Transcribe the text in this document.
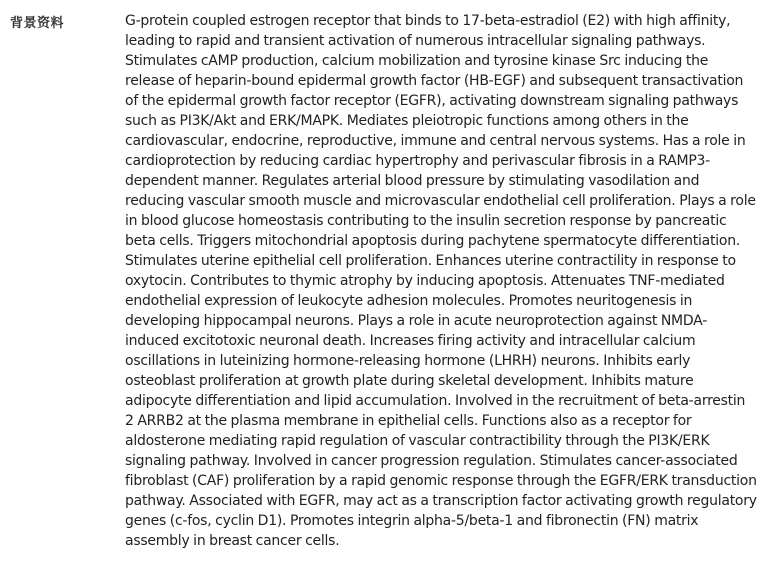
背景资料	G-protein coupled estrogen receptor that binds to 17-beta-estradiol (E2) with high affinity,
leading to rapid and transient activation of numerous intracellular signaling pathways.
Stimulates cAMP production, calcium mobilization and tyrosine kinase Src inducing the
release of heparin-bound epidermal growth factor (HB-EGF) and subsequent transactivation
of the epidermal growth factor receptor (EGFR), activating downstream signaling pathways
such as PI3K/Akt and ERK/MAPK. Mediates pleiotropic functions among others in the
cardiovascular, endocrine, reproductive, immune and central nervous systems. Has a role in
cardioprotection by reducing cardiac hypertrophy and perivascular fibrosis in a RAMP3-
dependent manner. Regulates arterial blood pressure by stimulating vasodilation and
reducing vascular smooth muscle and microvascular endothelial cell proliferation. Plays a role
in blood glucose homeostasis contributing to the insulin secretion response by pancreatic
beta cells. Triggers mitochondrial apoptosis during pachytene spermatocyte differentiation.
Stimulates uterine epithelial cell proliferation. Enhances uterine contractility in response to
oxytocin. Contributes to thymic atrophy by inducing apoptosis. Attenuates TNF-mediated
endothelial expression of leukocyte adhesion molecules. Promotes neuritogenesis in
developing hippocampal neurons. Plays a role in acute neuroprotection against NMDA-
induced excitotoxic neuronal death. Increases firing activity and intracellular calcium
oscillations in luteinizing hormone-releasing hormone (LHRH) neurons. Inhibits early
osteoblast proliferation at growth plate during skeletal development. Inhibits mature
adipocyte differentiation and lipid accumulation. Involved in the recruitment of beta-arrestin
2 ARRB2 at the plasma membrane in epithelial cells. Functions also as a receptor for
aldosterone mediating rapid regulation of vascular contractibility through the PI3K/ERK
signaling pathway. Involved in cancer progression regulation. Stimulates cancer-associated
fibroblast (CAF) proliferation by a rapid genomic response through the EGFR/ERK transduction
pathway. Associated with EGFR, may act as a transcription factor activating growth regulatory
genes (c-fos, cyclin D1). Promotes integrin alpha-5/beta-1 and fibronectin (FN) matrix
assembly in breast cancer cells.
